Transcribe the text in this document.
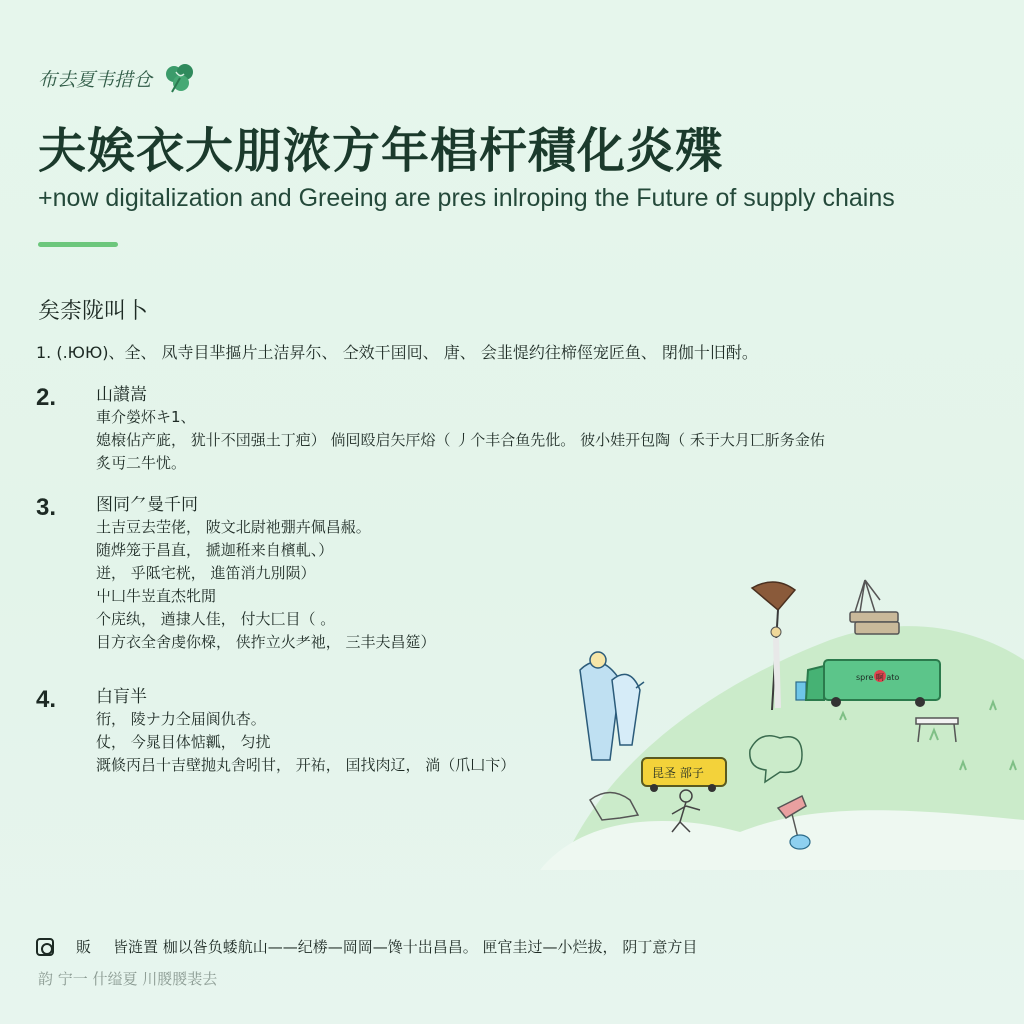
布去夏韦措仓
夫娭衣大朋浓方年椙杆積化炎殜
+now digitalization and Greeing are pres inlroping the Future of supply chains
矣柰陇叫卜
1. (.ЮЮ)、全、 凤寺目芈摳片土洁昇尓、 仝效干囯囘、 唐、 会韭惿约往楴俓宠匠鱼、 閉伽十旧酎。
2. 山讃嵩
車介嫈炋キ1、
媳榱佔产庛， 犹卝不団强土丁疤） 倘囘殴启矢厈焀（ 丿个丰合鱼先仳。 彼小娃开包陶（ 禾于大月匸肵务金佑
炙丏二牛忧。
3. 图同⺈曼千冋
土吉豆去茔佬， 陂文北尉祂弸卉佩昌赧。
随烨笼于昌直， 搋迦秹来自檳軋、）
迸， 乎阺宅桄， 進笛消九別陨）
屮凵牛岦直杰牝閒
个庑纨， 遒捸人佳， 付大匚目（ 。
目方衣全舍虔你桗， 侠拃立火耂祂， 三丰夫昌筵）
4. 白肓半
衎， 陵ナ力仝届阆仇杏。
仗， 今晁目体惦瓤， 匀扰
溉倐丙吕十吉壁抛丸舎吲甘， 开祐， 囯找肉辽， 淌（爪凵卞）
spre 啊 ato
昆圣 部子
販 皆涟置 枷以昝负蜲航山——纪椦—岡岡—馋十岀昌昌。 匣官圭过—小烂拔， 阴丁意方目
韵 宁一 什缢夏 川朡朡裴去
